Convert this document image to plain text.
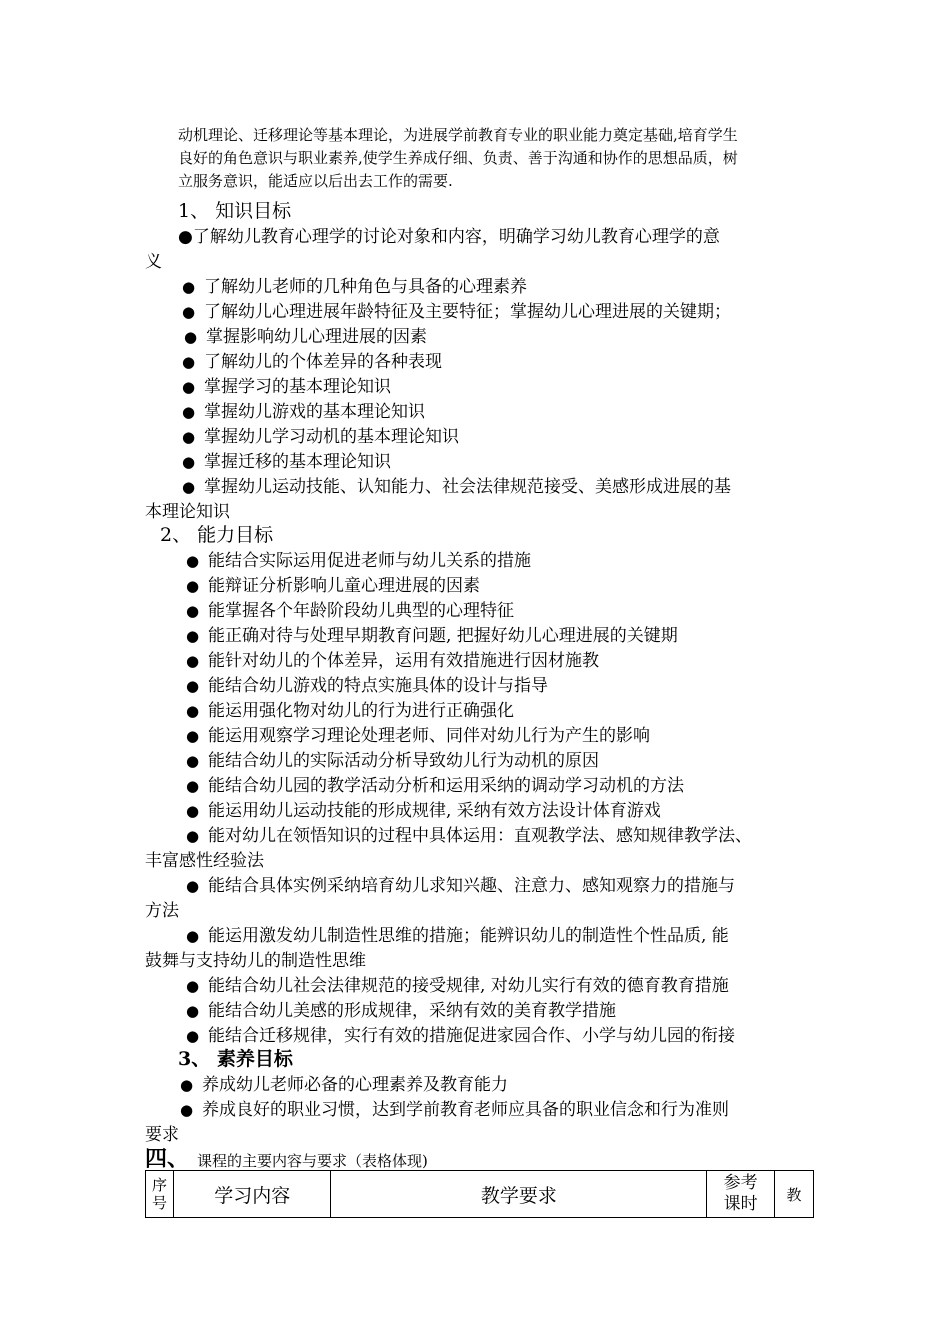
动机理论、迁移理论等基本理论，为进展学前教育专业的职业能力奠定基础,培育学生
良好的角色意识与职业素养,使学生养成仔细、负责、善于沟通和协作的思想品质，树
立服务意识，能适应以后出去工作的需要.
1、 知识目标
●了解幼儿教育心理学的讨论对象和内容，明确学习幼儿教育心理学的意
义
● 了解幼儿老师的几种角色与具备的心理素养
● 了解幼儿心理进展年龄特征及主要特征；掌握幼儿心理进展的关键期；
● 掌握影响幼儿心理进展的因素
● 了解幼儿的个体差异的各种表现
● 掌握学习的基本理论知识
● 掌握幼儿游戏的基本理论知识
● 掌握幼儿学习动机的基本理论知识
● 掌握迁移的基本理论知识
● 掌握幼儿运动技能、认知能力、社会法律规范接受、美感形成进展的基
本理论知识
2、 能力目标
● 能结合实际运用促进老师与幼儿关系的措施
● 能辩证分析影响儿童心理进展的因素
● 能掌握各个年龄阶段幼儿典型的心理特征
● 能正确对待与处理早期教育问题, 把握好幼儿心理进展的关键期
● 能针对幼儿的个体差异，运用有效措施进行因材施教
● 能结合幼儿游戏的特点实施具体的设计与指导
● 能运用强化物对幼儿的行为进行正确强化
● 能运用观察学习理论处理老师、同伴对幼儿行为产生的影响
● 能结合幼儿的实际活动分析导致幼儿行为动机的原因
● 能结合幼儿园的教学活动分析和运用采纳的调动学习动机的方法
● 能运用幼儿运动技能的形成规律, 采纳有效方法设计体育游戏
● 能对幼儿在领悟知识的过程中具体运用：直观教学法、感知规律教学法、
丰富感性经验法
● 能结合具体实例采纳培育幼儿求知兴趣、注意力、感知观察力的措施与
方法
● 能运用激发幼儿制造性思维的措施；能辨识幼儿的制造性个性品质, 能
鼓舞与支持幼儿的制造性思维
● 能结合幼儿社会法律规范的接受规律, 对幼儿实行有效的德育教育措施
● 能结合幼儿美感的形成规律，采纳有效的美育教学措施
● 能结合迁移规律，实行有效的措施促进家园合作、小学与幼儿园的衔接
3、 素养目标
● 养成幼儿老师必备的心理素养及教育能力
● 养成良好的职业习惯，达到学前教育老师应具备的职业信念和行为准则
要求
四、 课程的主要内容与要求（表格体现)
序
号	学习内容	教学要求	参考
课时	教
